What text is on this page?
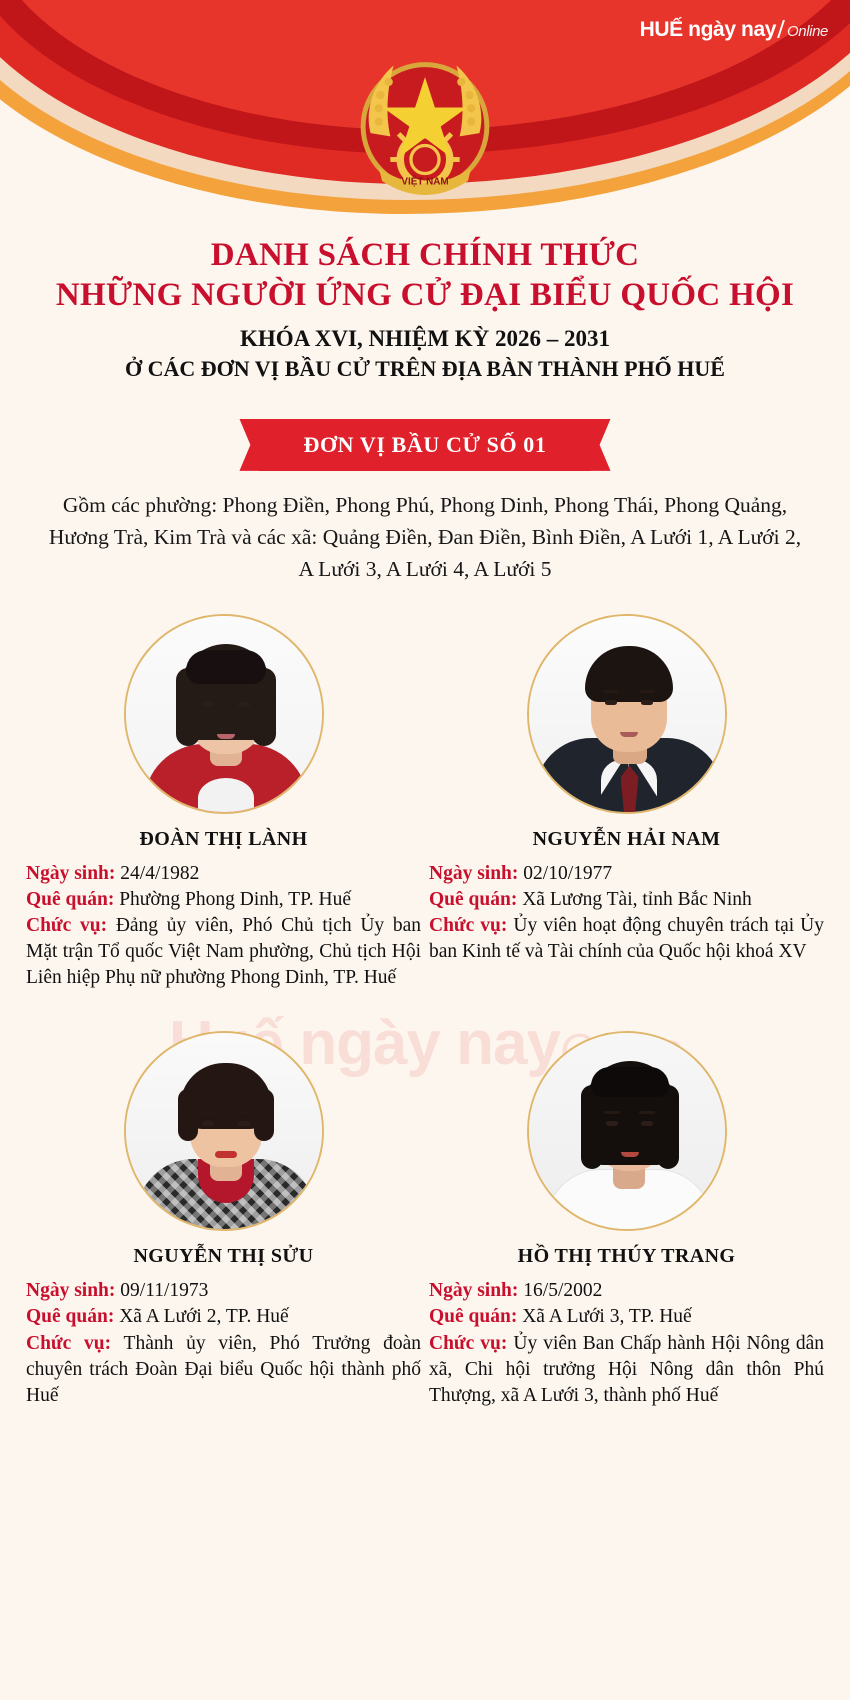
HUẾ ngày nay Online
VIỆT NAM
DANH SÁCH CHÍNH THỨC
NHỮNG NGƯỜI ỨNG CỬ ĐẠI BIỂU QUỐC HỘI
KHÓA XVI, NHIỆM KỲ 2026 – 2031
Ở CÁC ĐƠN VỊ BẦU CỬ TRÊN ĐỊA BÀN THÀNH PHỐ HUẾ
ĐƠN VỊ BẦU CỬ SỐ 01
Gồm các phường: Phong Điền, Phong Phú, Phong Dinh, Phong Thái, Phong Quảng, Hương Trà, Kim Trà và các xã: Quảng Điền, Đan Điền, Bình Điền, A Lưới 1, A Lưới 2, A Lưới 3, A Lưới 4, A Lưới 5
Huế ngày nay
ĐOÀN THỊ LÀNH
Ngày sinh: 24/4/1982
Quê quán: Phường Phong Dinh, TP. Huế
Chức vụ: Đảng ủy viên, Phó Chủ tịch Ủy ban Mặt trận Tổ quốc Việt Nam phường, Chủ tịch Hội Liên hiệp Phụ nữ phường Phong Dinh, TP. Huế
NGUYỄN HẢI NAM
Ngày sinh: 02/10/1977
Quê quán: Xã Lương Tài, tỉnh Bắc Ninh
Chức vụ: Ủy viên hoạt động chuyên trách tại Ủy ban Kinh tế và Tài chính của Quốc hội khoá XV
NGUYỄN THỊ SỬU
Ngày sinh: 09/11/1973
Quê quán: Xã A Lưới 2, TP. Huế
Chức vụ: Thành ủy viên, Phó Trưởng đoàn chuyên trách Đoàn Đại biểu Quốc hội thành phố Huế
HỒ THỊ THÚY TRANG
Ngày sinh: 16/5/2002
Quê quán: Xã A Lưới 3, TP. Huế
Chức vụ: Ủy viên Ban Chấp hành Hội Nông dân xã, Chi hội trưởng Hội Nông dân thôn Phú Thượng, xã A Lưới 3, thành phố Huế
